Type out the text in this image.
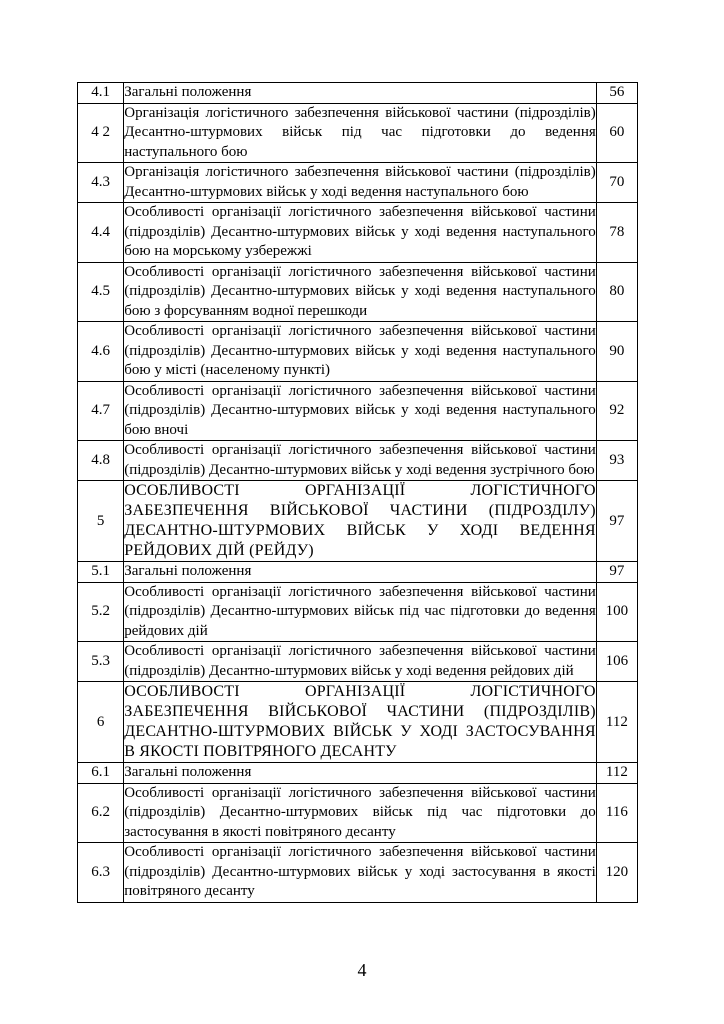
4.1	Загальні положення	56
4 2	Організація логістичного забезпечення військової частини (підрозділів) Десантно-штурмових військ під час підготовки до ведення наступального бою	60
4.3	Організація логістичного забезпечення військової частини (підрозділів) Десантно-штурмових військ у ході ведення наступального бою	70
4.4	Особливості організації логістичного забезпечення військової частини (підрозділів) Десантно-штурмових військ у ході ведення наступального бою на морському узбережжі	78
4.5	Особливості організації логістичного забезпечення військової частини (підрозділів) Десантно-штурмових військ у ході ведення наступального бою з форсуванням водної перешкоди	80
4.6	Особливості організації логістичного забезпечення військової частини (підрозділів) Десантно-штурмових військ у ході ведення наступального бою у місті (населеному пункті)	90
4.7	Особливості організації логістичного забезпечення військової частини (підрозділів) Десантно-штурмових військ у ході ведення наступального бою вночі	92
4.8	Особливості організації логістичного забезпечення військової частини (підрозділів) Десантно-штурмових військ у ході ведення зустрічного бою	93
5	ОСОБЛИВОСТІ ОРГАНІЗАЦІЇ ЛОГІСТИЧНОГО ЗАБЕЗПЕЧЕННЯ ВІЙСЬКОВОЇ ЧАСТИНИ (ПІДРОЗДІЛУ) ДЕСАНТНО-ШТУРМОВИХ ВІЙСЬК У ХОДІ ВЕДЕННЯ РЕЙДОВИХ ДІЙ (РЕЙДУ)	97
5.1	Загальні положення	97
5.2	Особливості організації логістичного забезпечення військової частини (підрозділів) Десантно-штурмових військ під час підготовки до ведення рейдових дій	100
5.3	Особливості організації логістичного забезпечення військової частини (підрозділів) Десантно-штурмових військ у ході ведення рейдових дій	106
6	ОСОБЛИВОСТІ ОРГАНІЗАЦІЇ ЛОГІСТИЧНОГО ЗАБЕЗПЕЧЕННЯ ВІЙСЬКОВОЇ ЧАСТИНИ (ПІДРОЗДІЛІВ) ДЕСАНТНО-ШТУРМОВИХ ВІЙСЬК У ХОДІ ЗАСТОСУВАННЯ В ЯКОСТІ ПОВІТРЯНОГО ДЕСАНТУ	112
6.1	Загальні положення	112
6.2	Особливості організації логістичного забезпечення військової частини (підрозділів) Десантно-штурмових військ під час підготовки до застосування в якості повітряного десанту	116
6.3	Особливості організації логістичного забезпечення військової частини (підрозділів) Десантно-штурмових військ у ході застосування в якості повітряного десанту	120
4
